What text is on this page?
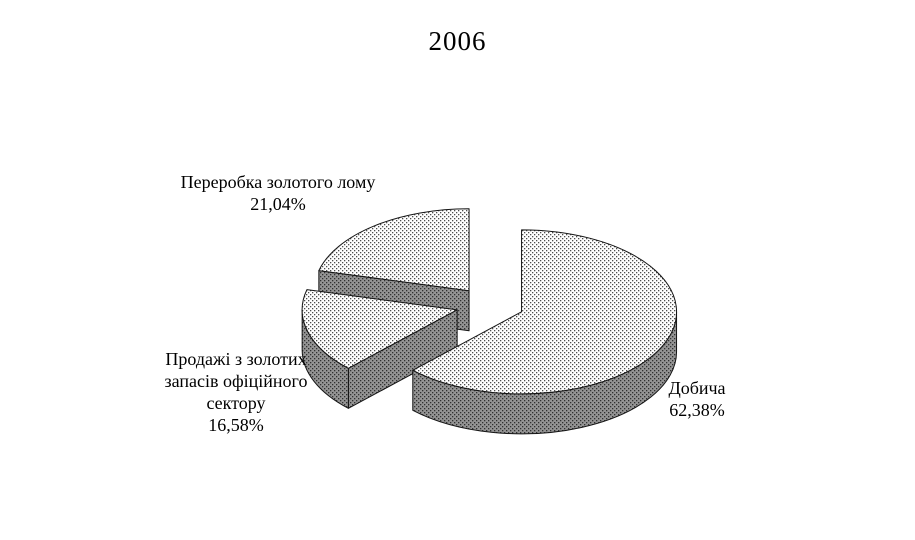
2006
Добича
62,38%
Продажі з золотих
запасів офіційного
сектору
16,58%
Переробка золотого лому
21,04%
